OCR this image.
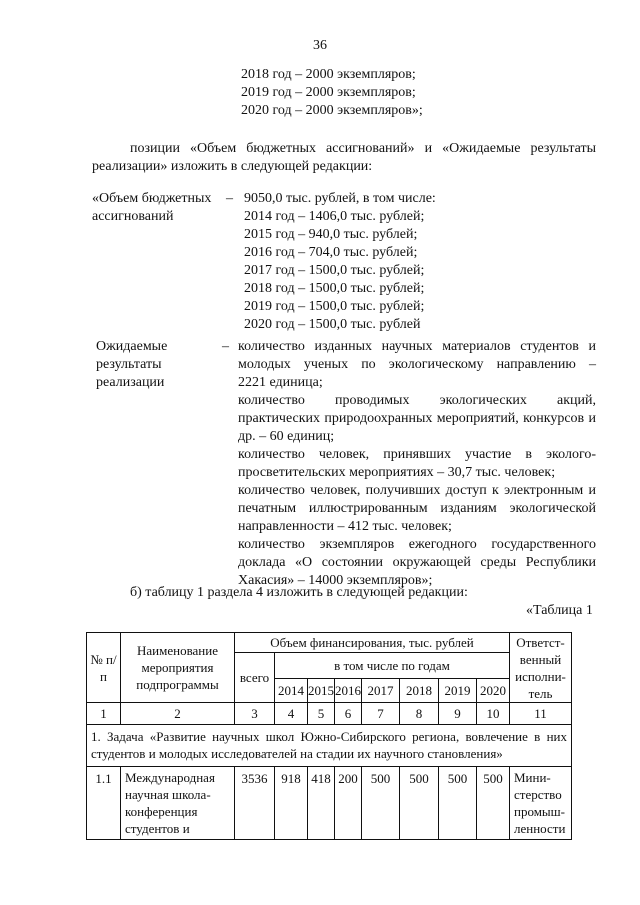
36
2018 год – 2000 экземпляров;
2019 год – 2000 экземпляров;
2020 год – 2000 экземпляров»;
позиции «Объем бюджетных ассигнований» и «Ожидаемые результаты
реализации» изложить в следующей редакции:
«Объем бюджетных
ассигнований
– 9050,0 тыс. рублей, в том числе:
2014 год – 1406,0 тыс. рублей;
2015 год – 940,0 тыс. рублей;
2016 год – 704,0 тыс. рублей;
2017 год – 1500,0 тыс. рублей;
2018 год – 1500,0 тыс. рублей;
2019 год – 1500,0 тыс. рублей;
2020 год – 1500,0 тыс. рублей
Ожидаемые
результаты
реализации
– количество изданных научных материалов студентов и
молодых ученых по экологическому направлению –
2221 единица;
количество проводимых экологических акций,
практических природоохранных мероприятий, конкурсов и
др. – 60 единиц;
количество человек, принявших участие в эколого-
просветительских мероприятиях – 30,7 тыс. человек;
количество человек, получивших доступ к электронным и
печатным иллюстрированным изданиям экологической
направленности – 412 тыс. человек;
количество экземпляров ежегодного государственного
доклада «О состоянии окружающей среды Республики
Хакасия» – 14000 экземпляров»;
б) таблицу 1 раздела 4 изложить в следующей редакции:
«Таблица 1
№ п/п	Наименование мероприятия подпрограммы	Объем финансирования, тыс. рублей								Ответст-венный исполни-тель
		всего	в том числе по годам							
			2014	2015	2016	2017	2018	2019	2020	
1	2	3	4	5	6	7	8	9	10	11
1. Задача «Развитие научных школ Южно-Сибирского региона, вовлечение в них студентов и молодых исследователей на стадии их научного становления»										
1.1	Международная научная школа-конференция студентов и	3536	918	418	200	500	500	500	500	Мини-стерство промыш-ленности
